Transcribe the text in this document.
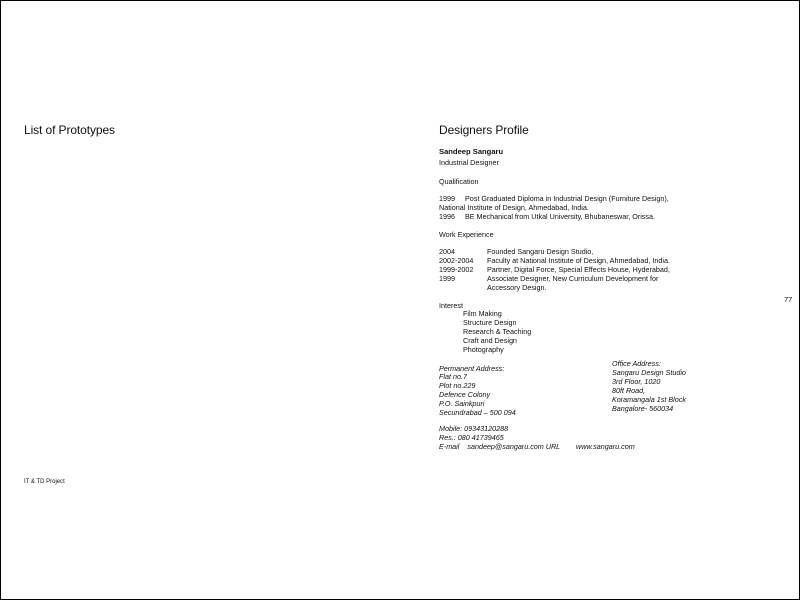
List of Prototypes
IT & TD Project
Designers Profile
77
Sandeep Sangaru
Industrial Designer
Qualification
1999     Post Graduated Diploma in Industrial Design (Furniture Design),
National Institute of Design, Ahmedabad, India.
1996     BE Mechanical from Utkal University, Bhubaneswar, Orissa.
Work Experience
2004	Founded Sangaru Design Studio,
2002-2004 Faculty at National Institute of Design, Ahmedabad, India.
1999-2002 Partner, Digital Force, Special Effects House, Hyderabad,
1999	Associate Designer, New Curriculum Development for
Accessory Design.
Interest
Film Making
Structure Design
Research & Teaching
Craft and Design
Photography
Permanent Address:
Flat no.7
Plot no.229
Defence Colony
P.O. Sainkpuri
Secundrabad – 500 094
Office Address:
Sangaru Design Studio
3rd Floor, 1020
80ft Road,
Koramangala 1st Block
Bangalore- 560034
Mobile: 09343120288
Res.: 080 41739465
E-mail    sandeep@sangaru.com URL        www.sangaru.com
